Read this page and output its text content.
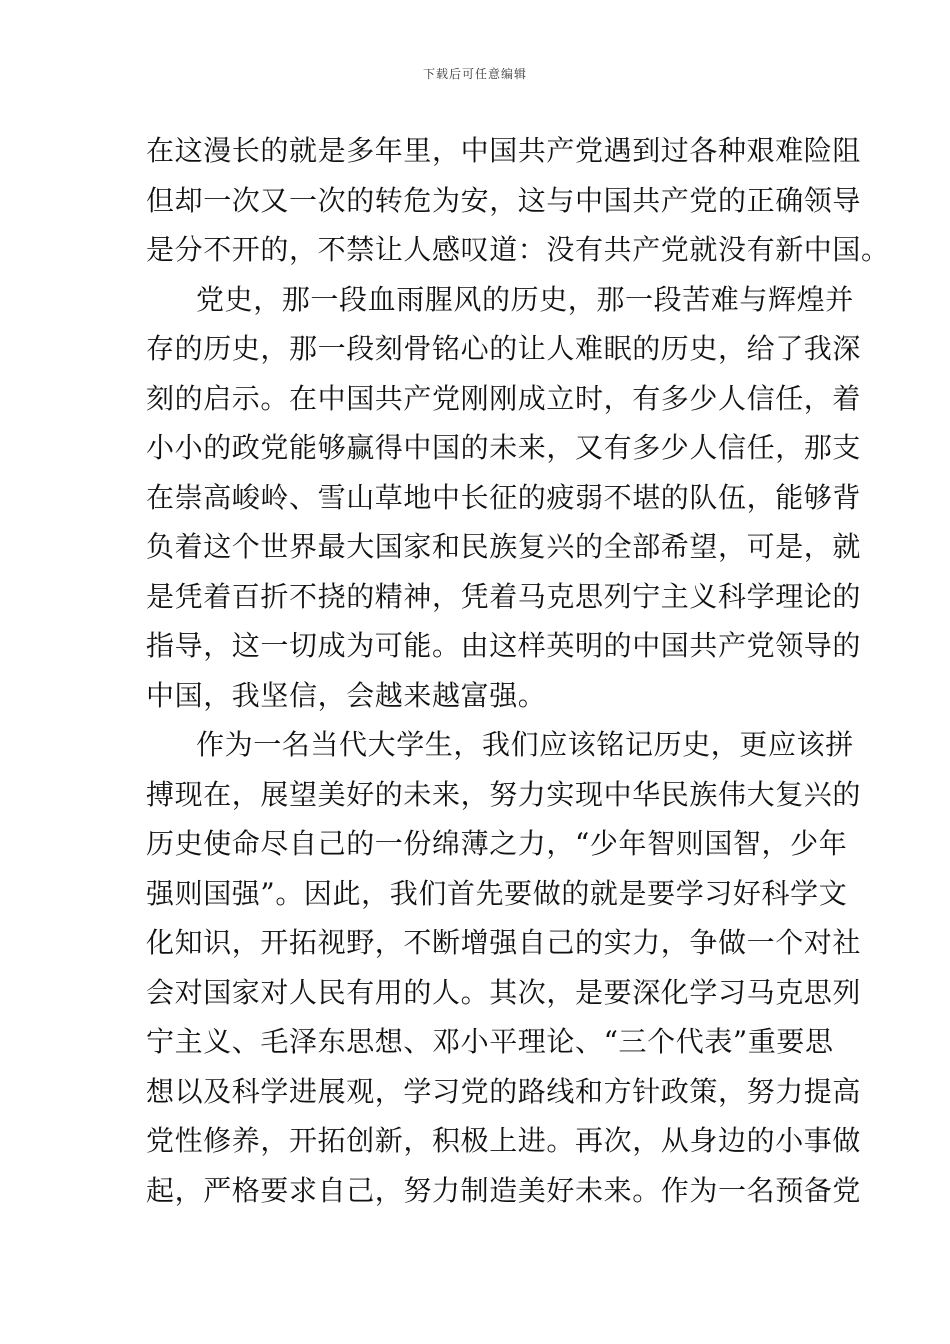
下载后可任意编辑
在这漫长的就是多年里，中国共产党遇到过各种艰难险阻
但却一次又一次的转危为安，这与中国共产党的正确领导
是分不开的，不禁让人感叹道：没有共产党就没有新中国。
党史，那一段血雨腥风的历史，那一段苦难与辉煌并
存的历史，那一段刻骨铭心的让人难眠的历史，给了我深
刻的启示。在中国共产党刚刚成立时，有多少人信任，着
小小的政党能够赢得中国的未来，又有多少人信任，那支
在崇高峻岭、雪山草地中长征的疲弱不堪的队伍，能够背
负着这个世界最大国家和民族复兴的全部希望，可是，就
是凭着百折不挠的精神，凭着马克思列宁主义科学理论的
指导，这一切成为可能。由这样英明的中国共产党领导的
中国，我坚信，会越来越富强。
作为一名当代大学生，我们应该铭记历史，更应该拼
搏现在，展望美好的未来，努力实现中华民族伟大复兴的
历史使命尽自己的一份绵薄之力，“少年智则国智，少年
强则国强”。因此，我们首先要做的就是要学习好科学文
化知识，开拓视野，不断增强自己的实力，争做一个对社
会对国家对人民有用的人。其次，是要深化学习马克思列
宁主义、毛泽东思想、邓小平理论、“三个代表”重要思
想以及科学进展观，学习党的路线和方针政策，努力提高
党性修养，开拓创新，积极上进。再次，从身边的小事做
起，严格要求自己，努力制造美好未来。作为一名预备党
